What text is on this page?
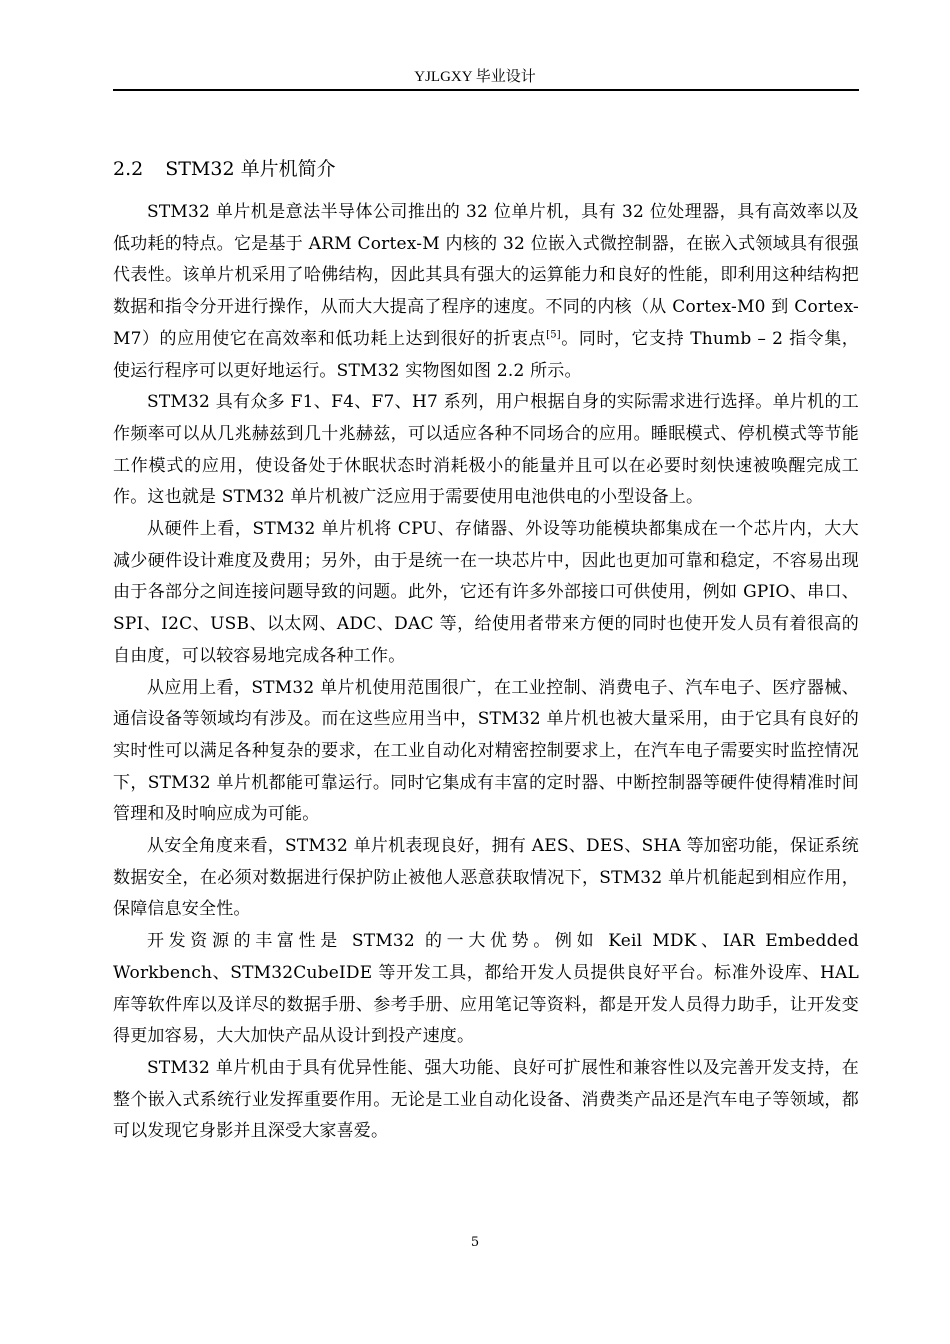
YJLGXY 毕业设计
2.2 STM32 单片机简介

STM32 单片机是意法半导体公司推出的 32 位单片机，具有 32 位处理器，具有高效率以及低功耗的特点。它是基于 ARM Cortex-M 内核的 32 位嵌入式微控制器，在嵌入式领域具有很强代表性。该单片机采用了哈佛结构，因此其具有强大的运算能力和良好的性能，即利用这种结构把数据和指令分开进行操作，从而大大提高了程序的速度。不同的内核（从 Cortex-M0 到 Cortex-M7）的应用使它在高效率和低功耗上达到很好的折衷点[5]。同时，它支持 Thumb – 2 指令集，使运行程序可以更好地运行。STM32 实物图如图 2.2 所示。

STM32 具有众多 F1、F4、F7、H7 系列，用户根据自身的实际需求进行选择。单片机的工作频率可以从几兆赫兹到几十兆赫兹，可以适应各种不同场合的应用。睡眠模式、停机模式等节能工作模式的应用，使设备处于休眠状态时消耗极小的能量并且可以在必要时刻快速被唤醒完成工作。这也就是 STM32 单片机被广泛应用于需要使用电池供电的小型设备上。

从硬件上看，STM32 单片机将 CPU、存储器、外设等功能模块都集成在一个芯片内，大大减少硬件设计难度及费用；另外，由于是统一在一块芯片中，因此也更加可靠和稳定，不容易出现由于各部分之间连接问题导致的问题。此外，它还有许多外部接口可供使用，例如 GPIO、串口、SPI、I2C、USB、以太网、ADC、DAC 等，给使用者带来方便的同时也使开发人员有着很高的自由度，可以较容易地完成各种工作。

从应用上看，STM32 单片机使用范围很广，在工业控制、消费电子、汽车电子、医疗器械、通信设备等领域均有涉及。而在这些应用当中，STM32 单片机也被大量采用，由于它具有良好的实时性可以满足各种复杂的要求，在工业自动化对精密控制要求上，在汽车电子需要实时监控情况下，STM32 单片机都能可靠运行。同时它集成有丰富的定时器、中断控制器等硬件使得精准时间管理和及时响应成为可能。

从安全角度来看，STM32 单片机表现良好，拥有 AES、DES、SHA 等加密功能，保证系统数据安全，在必须对数据进行保护防止被他人恶意获取情况下，STM32 单片机能起到相应作用，保障信息安全性。

开发资源的丰富性是 STM32 的一大优势。例如 Keil MDK、IAR Embedded Workbench、STM32CubeIDE 等开发工具，都给开发人员提供良好平台。标准外设库、HAL 库等软件库以及详尽的数据手册、参考手册、应用笔记等资料，都是开发人员得力助手，让开发变得更加容易，大大加快产品从设计到投产速度。

STM32 单片机由于具有优异性能、强大功能、良好可扩展性和兼容性以及完善开发支持，在整个嵌入式系统行业发挥重要作用。无论是工业自动化设备、消费类产品还是汽车电子等领域，都可以发现它身影并且深受大家喜爱。

5
